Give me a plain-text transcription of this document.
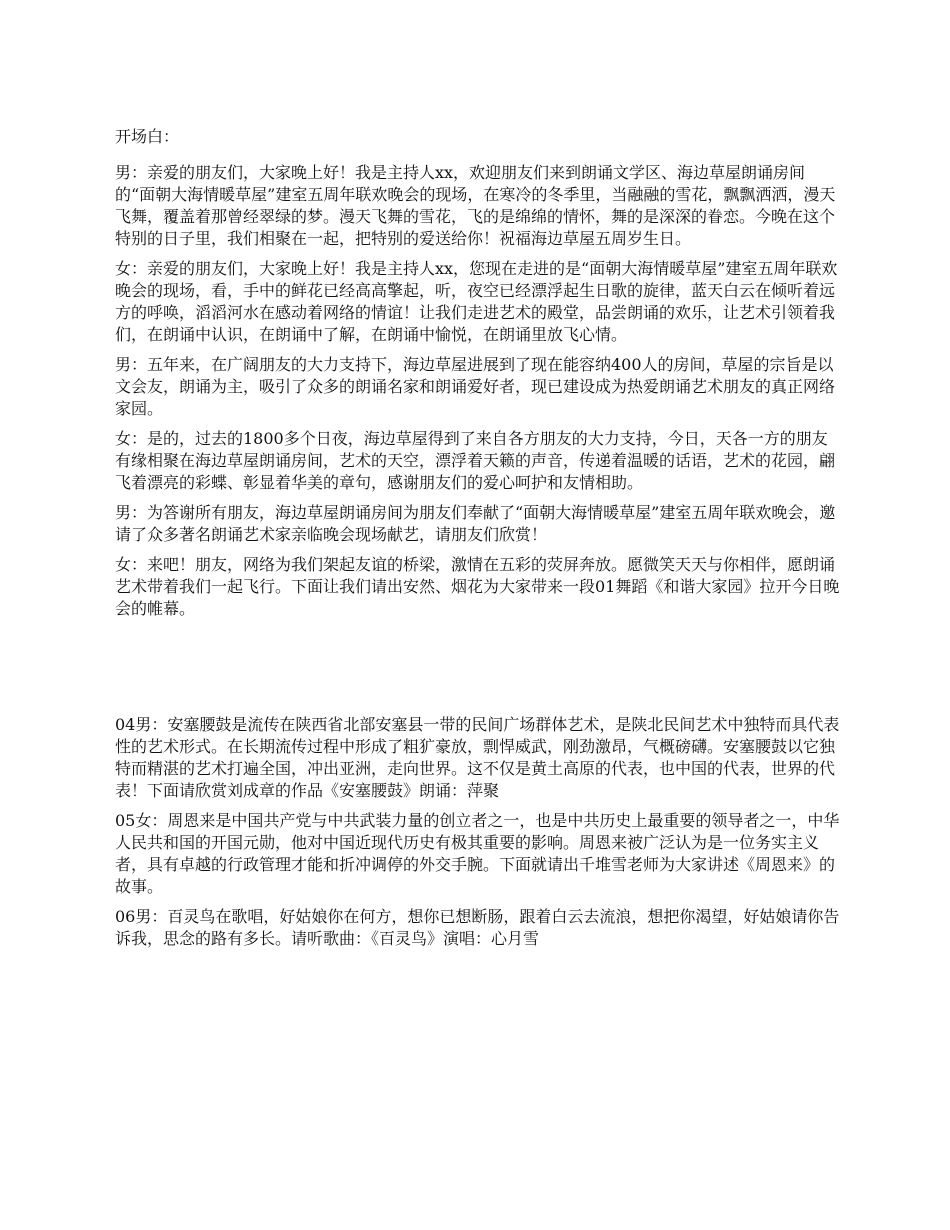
开场白：

男：亲爱的朋友们，大家晚上好！我是主持人xx，欢迎朋友们来到朗诵文学区、海边草屋朗诵房间的“面朝大海情暖草屋”建室五周年联欢晚会的现场，在寒冷的冬季里，当融融的雪花，飘飘洒洒，漫天飞舞，覆盖着那曾经翠绿的梦。漫天飞舞的雪花，飞的是绵绵的情怀，舞的是深深的眷恋。今晚在这个特别的日子里，我们相聚在一起，把特别的爱送给你！祝福海边草屋五周岁生日。

女：亲爱的朋友们，大家晚上好！我是主持人xx，您现在走进的是“面朝大海情暖草屋”建室五周年联欢晚会的现场，看，手中的鲜花已经高高擎起，听，夜空已经漂浮起生日歌的旋律，蓝天白云在倾听着远方的呼唤，滔滔河水在感动着网络的情谊！让我们走进艺术的殿堂，品尝朗诵的欢乐，让艺术引领着我们，在朗诵中认识，在朗诵中了解，在朗诵中愉悦，在朗诵里放飞心情。

男：五年来，在广阔朋友的大力支持下，海边草屋进展到了现在能容纳400人的房间，草屋的宗旨是以文会友，朗诵为主，吸引了众多的朗诵名家和朗诵爱好者，现已建设成为热爱朗诵艺术朋友的真正网络家园。

女：是的，过去的1800多个日夜，海边草屋得到了来自各方朋友的大力支持，今日，天各一方的朋友有缘相聚在海边草屋朗诵房间，艺术的天空，漂浮着天籁的声音，传递着温暖的话语，艺术的花园，翩飞着漂亮的彩蝶、彰显着华美的章句，感谢朋友们的爱心呵护和友情相助。

男：为答谢所有朋友，海边草屋朗诵房间为朋友们奉献了“面朝大海情暖草屋”建室五周年联欢晚会，邀请了众多著名朗诵艺术家亲临晚会现场献艺，请朋友们欣赏！

女：来吧！朋友，网络为我们架起友谊的桥梁，激情在五彩的荧屏奔放。愿微笑天天与你相伴，愿朗诵艺术带着我们一起飞行。下面让我们请出安然、烟花为大家带来一段01舞蹈《和谐大家园》拉开今日晚会的帷幕。

04男：安塞腰鼓是流传在陕西省北部安塞县一带的民间广场群体艺术，是陕北民间艺术中独特而具代表性的艺术形式。在长期流传过程中形成了粗犷豪放，剽悍威武，刚劲激昂，气概磅礴。安塞腰鼓以它独特而精湛的艺术打遍全国，冲出亚洲，走向世界。这不仅是黄土高原的代表，也中国的代表，世界的代表！下面请欣赏刘成章的作品《安塞腰鼓》朗诵：萍聚

05女：周恩来是中国共产党与中共武装力量的创立者之一，也是中共历史上最重要的领导者之一，中华人民共和国的开国元勋，他对中国近现代历史有极其重要的影响。周恩来被广泛认为是一位务实主义者，具有卓越的行政管理才能和折冲调停的外交手腕。下面就请出千堆雪老师为大家讲述《周恩来》的故事。

06男：百灵鸟在歌唱，好姑娘你在何方，想你已想断肠，跟着白云去流浪，想把你渴望，好姑娘请你告诉我，思念的路有多长。请听歌曲：《百灵鸟》演唱：心月雪
